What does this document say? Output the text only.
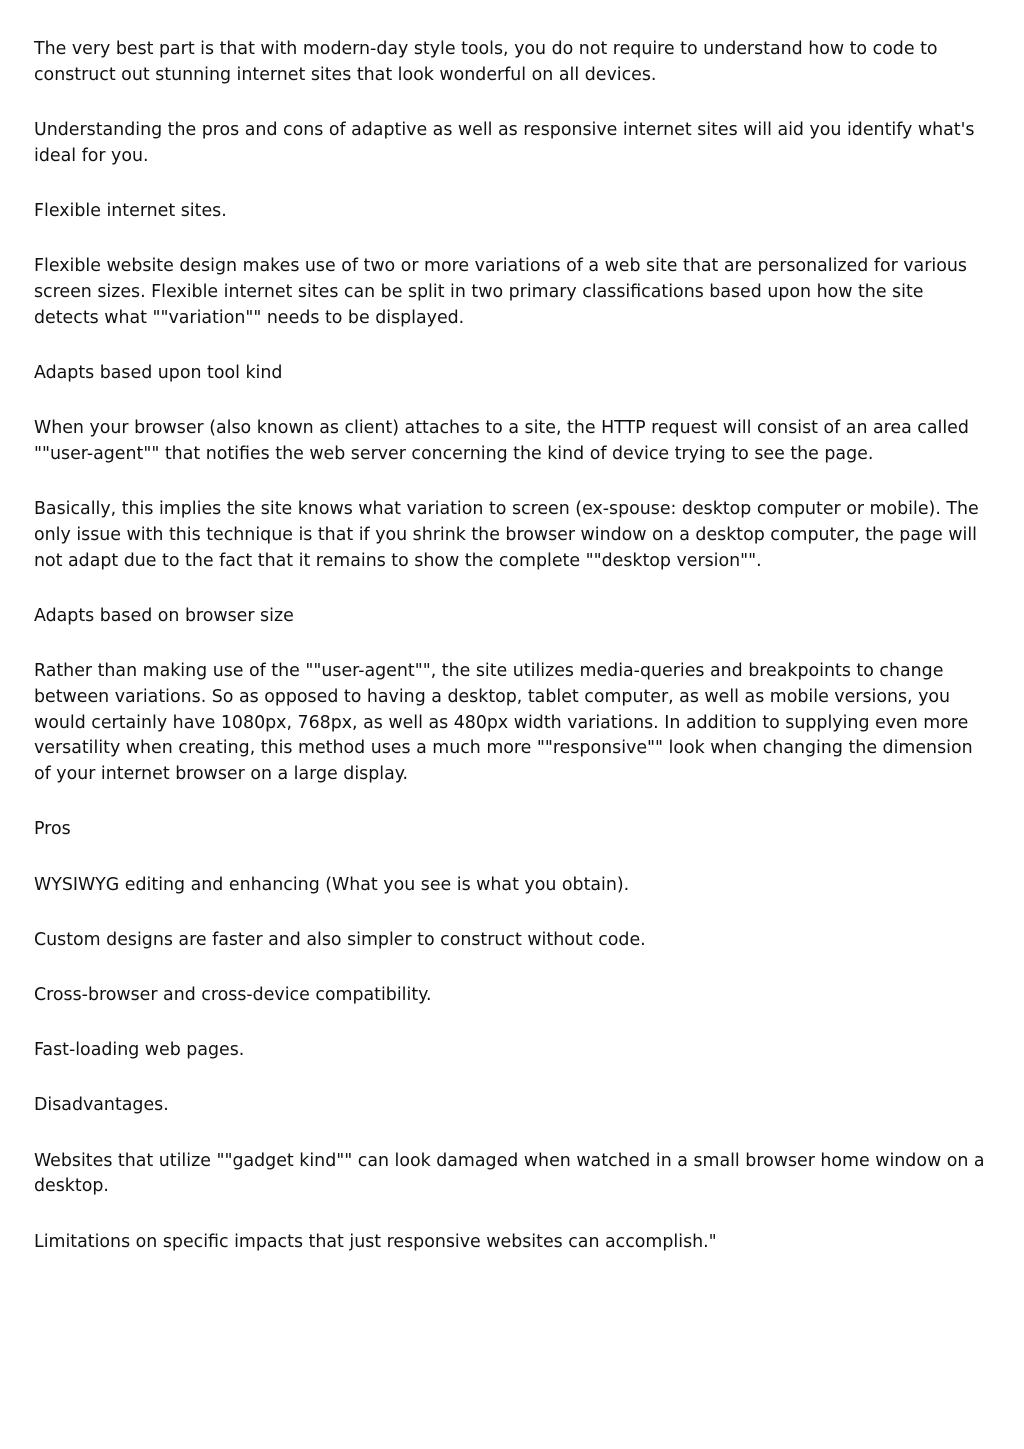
The very best part is that with modern-day style tools, you do not require to understand how to code to construct out stunning internet sites that look wonderful on all devices.

Understanding the pros and cons of adaptive as well as responsive internet sites will aid you identify what's ideal for you.

Flexible internet sites.

Flexible website design makes use of two or more variations of a web site that are personalized for various screen sizes. Flexible internet sites can be split in two primary classifications based upon how the site detects what ""variation"" needs to be displayed.

Adapts based upon tool kind

When your browser (also known as client) attaches to a site, the HTTP request will consist of an area called ""user-agent"" that notifies the web server concerning the kind of device trying to see the page.

Basically, this implies the site knows what variation to screen (ex-spouse: desktop computer or mobile). The only issue with this technique is that if you shrink the browser window on a desktop computer, the page will not adapt due to the fact that it remains to show the complete ""desktop version"".

Adapts based on browser size

Rather than making use of the ""user-agent"", the site utilizes media-queries and breakpoints to change between variations. So as opposed to having a desktop, tablet computer, as well as mobile versions, you would certainly have 1080px, 768px, as well as 480px width variations. In addition to supplying even more versatility when creating, this method uses a much more ""responsive"" look when changing the dimension of your internet browser on a large display.

Pros

WYSIWYG editing and enhancing (What you see is what you obtain).

Custom designs are faster and also simpler to construct without code.

Cross-browser and cross-device compatibility.

Fast-loading web pages.

Disadvantages.

Websites that utilize ""gadget kind"" can look damaged when watched in a small browser home window on a desktop.

Limitations on specific impacts that just responsive websites can accomplish."
